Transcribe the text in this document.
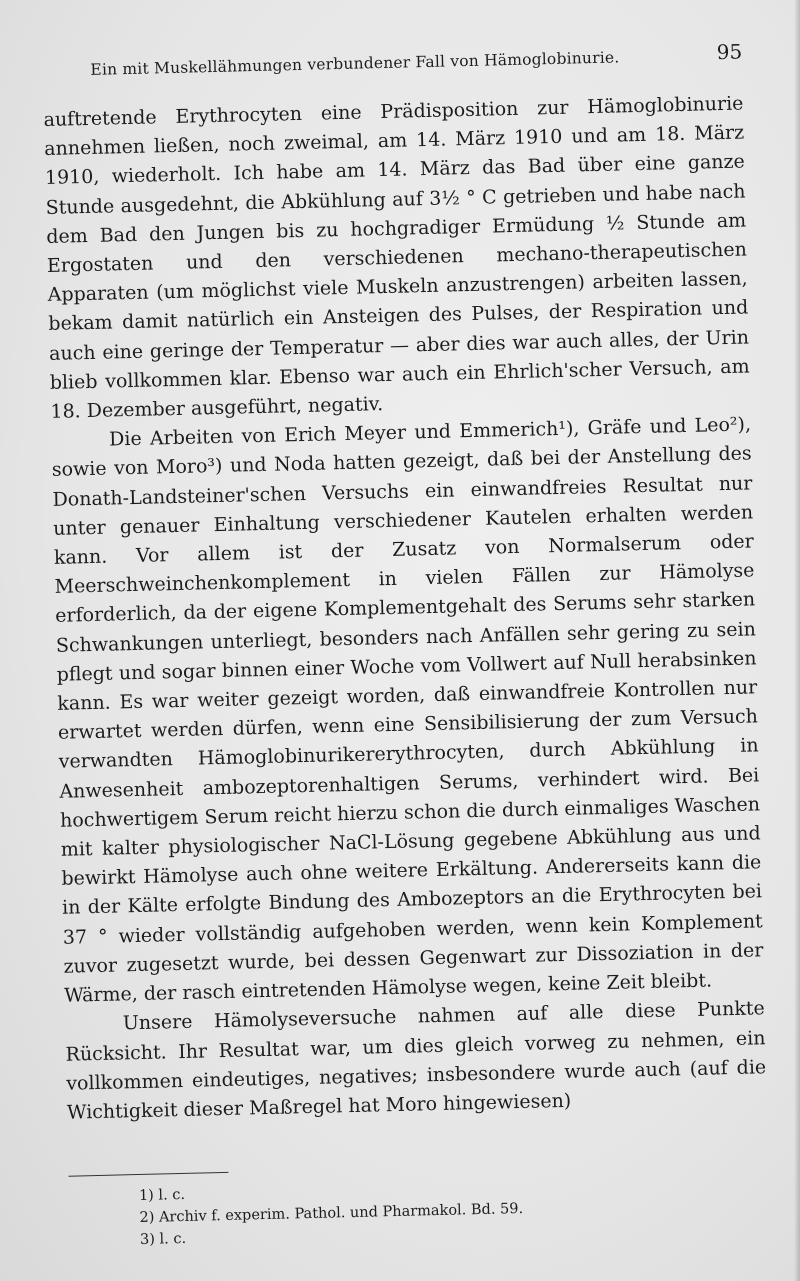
Ein mit Muskellähmungen verbundener Fall von Hämoglobinurie.	95

auftretende Erythrocyten eine Prädisposition zur Hämoglobinurie annehmen ließen, noch zweimal, am 14. März 1910 und am 18. März 1910, wiederholt. Ich habe am 14. März das Bad über eine ganze Stunde ausgedehnt, die Abkühlung auf 3½ ° C getrieben und habe nach dem Bad den Jungen bis zu hochgradiger Ermüdung ½ Stunde am Ergostaten und den verschiedenen mechano-therapeutischen Apparaten (um möglichst viele Muskeln anzustrengen) arbeiten lassen, bekam damit natürlich ein Ansteigen des Pulses, der Respiration und auch eine geringe der Temperatur — aber dies war auch alles, der Urin blieb vollkommen klar. Ebenso war auch ein Ehrlich'scher Versuch, am 18. Dezember ausgeführt, negativ.

Die Arbeiten von Erich Meyer und Emmerich¹), Gräfe und Leo²), sowie von Moro³) und Noda hatten gezeigt, daß bei der Anstellung des Donath-Landsteiner'schen Versuchs ein einwandfreies Resultat nur unter genauer Einhaltung verschiedener Kautelen erhalten werden kann. Vor allem ist der Zusatz von Normalserum oder Meerschweinchenkomplement in vielen Fällen zur Hämolyse erforderlich, da der eigene Komplementgehalt des Serums sehr starken Schwankungen unterliegt, besonders nach Anfällen sehr gering zu sein pflegt und sogar binnen einer Woche vom Vollwert auf Null herabsinken kann. Es war weiter gezeigt worden, daß einwandfreie Kontrollen nur erwartet werden dürfen, wenn eine Sensibilisierung der zum Versuch verwandten Hämoglobinurikererythrocyten, durch Abkühlung in Anwesenheit ambozeptorenhaltigen Serums, verhindert wird. Bei hochwertigem Serum reicht hierzu schon die durch einmaliges Waschen mit kalter physiologischer NaCl-Lösung gegebene Abkühlung aus und bewirkt Hämolyse auch ohne weitere Erkältung. Andererseits kann die in der Kälte erfolgte Bindung des Ambozeptors an die Erythrocyten bei 37 ° wieder vollständig aufgehoben werden, wenn kein Komplement zuvor zugesetzt wurde, bei dessen Gegenwart zur Dissoziation in der Wärme, der rasch eintretenden Hämolyse wegen, keine Zeit bleibt.

Unsere Hämolyseversuche nahmen auf alle diese Punkte Rücksicht. Ihr Resultat war, um dies gleich vorweg zu nehmen, ein vollkommen eindeutiges, negatives; insbesondere wurde auch (auf die Wichtigkeit dieser Maßregel hat Moro hingewiesen)

1) l. c.
2) Archiv f. experim. Pathol. und Pharmakol. Bd. 59.
3) l. c.
